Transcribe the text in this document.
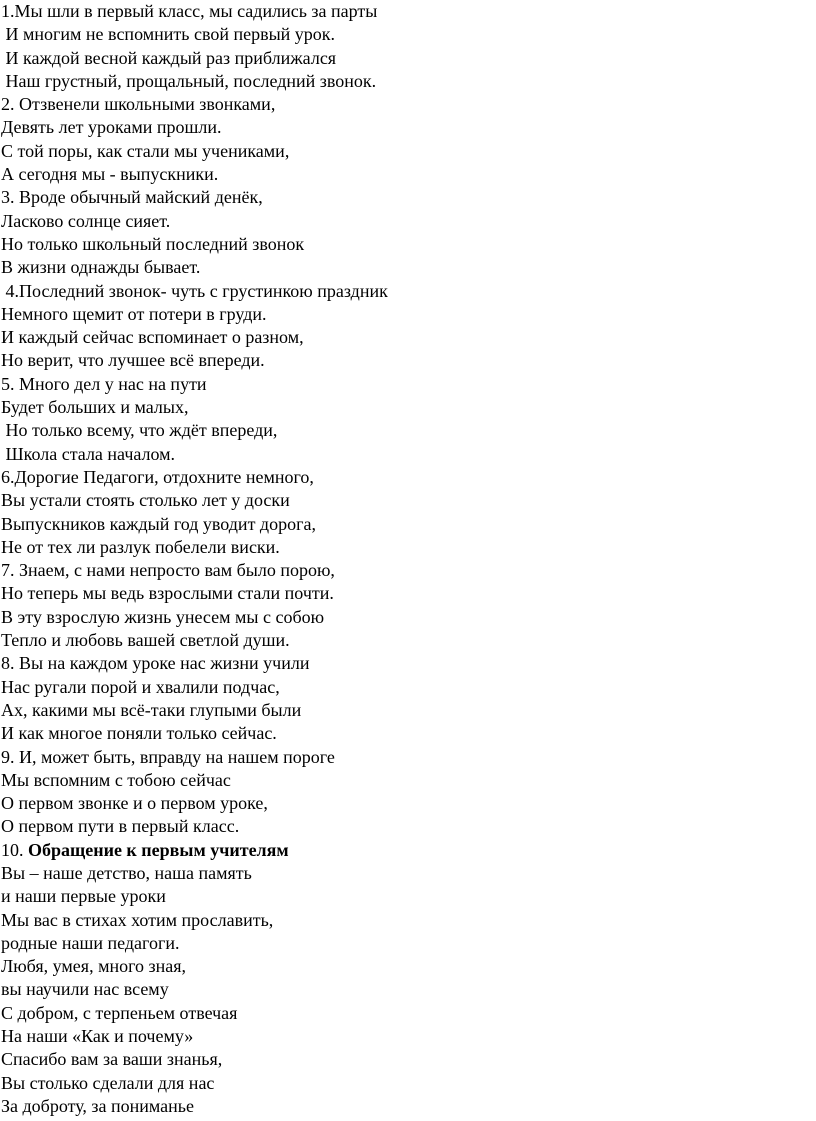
1.Мы шли в первый класс, мы садились за парты
И многим не вспомнить свой первый урок.
И каждой весной каждый раз приближался
Наш грустный, прощальный, последний звонок.
2. Отзвенели школьными звонками,
Девять лет уроками прошли.
С той поры, как стали мы учениками,
А сегодня мы - выпускники.
3. Вроде обычный майский денёк,
Ласково солнце сияет.
Но только школьный последний звонок
В жизни однажды бывает.
4.Последний звонок- чуть с грустинкою праздник
Немного щемит от потери в груди.
И каждый сейчас вспоминает о разном,
Но верит, что лучшее всё впереди.
5. Много дел у нас на пути
Будет больших и малых,
Но только всему, что ждёт впереди,
Школа стала началом.
6.Дорогие Педагоги, отдохните немного,
Вы устали стоять столько лет у доски
Выпускников каждый год уводит дорога,
Не от тех ли разлук побелели виски.
7. Знаем, с нами непросто вам было порою,
Но теперь мы ведь взрослыми стали почти.
В эту взрослую жизнь унесем мы с собою
Тепло и любовь вашей светлой души.
8. Вы на каждом уроке нас жизни учили
Нас ругали порой и хвалили подчас,
Ах, какими мы всё-таки глупыми были
И как многое поняли только сейчас.
9. И, может быть, вправду на нашем пороге
Мы вспомним с тобою сейчас
О первом звонке и о первом уроке,
О первом пути в первый класс.
10. Обращение к первым учителям
Вы – наше детство, наша память
и наши первые уроки
Мы вас в стихах хотим прославить,
родные наши педагоги.
Любя, умея, много зная,
вы научили нас всему
С добром, с терпеньем отвечая
На наши «Как и почему»
Спасибо вам за ваши знанья,
Вы столько сделали для нас
За доброту, за пониманье
